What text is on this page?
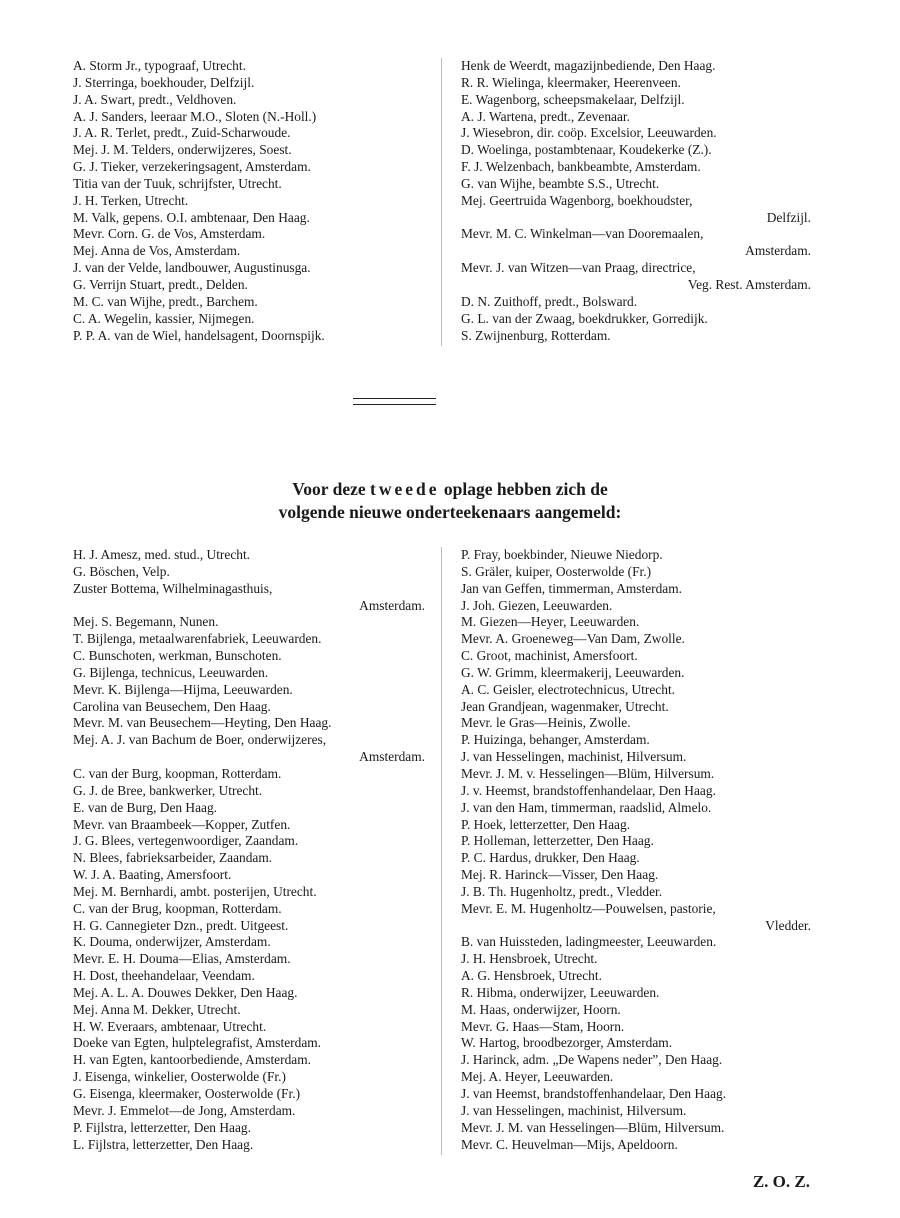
A. Storm Jr., typograaf, Utrecht.
J. Sterringa, boekhouder, Delfzijl.
J. A. Swart, predt., Veldhoven.
A. J. Sanders, leeraar M.O., Sloten (N.-Holl.)
J. A. R. Terlet, predt., Zuid-Scharwoude.
Mej. J. M. Telders, onderwijzeres, Soest.
G. J. Tieker, verzekeringsagent, Amsterdam.
Titia van der Tuuk, schrijfster, Utrecht.
J. H. Terken, Utrecht.
M. Valk, gepens. O.I. ambtenaar, Den Haag.
Mevr. Corn. G. de Vos, Amsterdam.
Mej. Anna de Vos, Amsterdam.
J. van der Velde, landbouwer, Augustinusga.
G. Verrijn Stuart, predt., Delden.
M. C. van Wijhe, predt., Barchem.
C. A. Wegelin, kassier, Nijmegen.
P. P. A. van de Wiel, handelsagent, Doornspijk.
Henk de Weerdt, magazijnbediende, Den Haag.
R. R. Wielinga, kleermaker, Heerenveen.
E. Wagenborg, scheepsmakelaar, Delfzijl.
A. J. Wartena, predt., Zevenaar.
J. Wiesebron, dir. coöp. Excelsior, Leeuwarden.
D. Woelinga, postambtenaar, Koudekerke (Z.).
F. J. Welzenbach, bankbeambte, Amsterdam.
G. van Wijhe, beambte S.S., Utrecht.
Mej. Geertruida Wagenborg, boekhoudster,
Delfzijl.
Mevr. M. C. Winkelman—van Dooremaalen,
Amsterdam.
Mevr. J. van Witzen—van Praag, directrice,
Veg. Rest. Amsterdam.
D. N. Zuithoff, predt., Bolsward.
G. L. van der Zwaag, boekdrukker, Gorredijk.
S. Zwijnenburg, Rotterdam.
Voor deze tweede oplage hebben zich de
volgende nieuwe onderteekenaars aangemeld:
H. J. Amesz, med. stud., Utrecht.
G. Böschen, Velp.
Zuster Bottema, Wilhelminagasthuis,
Amsterdam.
Mej. S. Begemann, Nunen.
T. Bijlenga, metaalwarenfabriek, Leeuwarden.
C. Bunschoten, werkman, Bunschoten.
G. Bijlenga, technicus, Leeuwarden.
Mevr. K. Bijlenga—Hijma, Leeuwarden.
Carolina van Beusechem, Den Haag.
Mevr. M. van Beusechem—Heyting, Den Haag.
Mej. A. J. van Bachum de Boer, onderwijzeres,
Amsterdam.
C. van der Burg, koopman, Rotterdam.
G. J. de Bree, bankwerker, Utrecht.
E. van de Burg, Den Haag.
Mevr. van Braambeek—Kopper, Zutfen.
J. G. Blees, vertegenwoordiger, Zaandam.
N. Blees, fabrieksarbeider, Zaandam.
W. J. A. Baating, Amersfoort.
Mej. M. Bernhardi, ambt. posterijen, Utrecht.
C. van der Brug, koopman, Rotterdam.
H. G. Cannegieter Dzn., predt. Uitgeest.
K. Douma, onderwijzer, Amsterdam.
Mevr. E. H. Douma—Elias, Amsterdam.
H. Dost, theehandelaar, Veendam.
Mej. A. L. A. Douwes Dekker, Den Haag.
Mej. Anna M. Dekker, Utrecht.
H. W. Everaars, ambtenaar, Utrecht.
Doeke van Egten, hulptelegrafist, Amsterdam.
H. van Egten, kantoorbediende, Amsterdam.
J. Eisenga, winkelier, Oosterwolde (Fr.)
G. Eisenga, kleermaker, Oosterwolde (Fr.)
Mevr. J. Emmelot—de Jong, Amsterdam.
P. Fijlstra, letterzetter, Den Haag.
L. Fijlstra, letterzetter, Den Haag.
P. Fray, boekbinder, Nieuwe Niedorp.
S. Gräler, kuiper, Oosterwolde (Fr.)
Jan van Geffen, timmerman, Amsterdam.
J. Joh. Giezen, Leeuwarden.
M. Giezen—Heyer, Leeuwarden.
Mevr. A. Groeneweg—Van Dam, Zwolle.
C. Groot, machinist, Amersfoort.
G. W. Grimm, kleermakerij, Leeuwarden.
A. C. Geisler, electrotechnicus, Utrecht.
Jean Grandjean, wagenmaker, Utrecht.
Mevr. le Gras—Heinis, Zwolle.
P. Huizinga, behanger, Amsterdam.
J. van Hesselingen, machinist, Hilversum.
Mevr. J. M. v. Hesselingen—Blüm, Hilversum.
J. v. Heemst, brandstoffenhandelaar, Den Haag.
J. van den Ham, timmerman, raadslid, Almelo.
P. Hoek, letterzetter, Den Haag.
P. Holleman, letterzetter, Den Haag.
P. C. Hardus, drukker, Den Haag.
Mej. R. Harinck—Visser, Den Haag.
J. B. Th. Hugenholtz, predt., Vledder.
Mevr. E. M. Hugenholtz—Pouwelsen, pastorie,
Vledder.
B. van Huissteden, ladingmeester, Leeuwarden.
J. H. Hensbroek, Utrecht.
A. G. Hensbroek, Utrecht.
R. Hibma, onderwijzer, Leeuwarden.
M. Haas, onderwijzer, Hoorn.
Mevr. G. Haas—Stam, Hoorn.
W. Hartog, broodbezorger, Amsterdam.
J. Harinck, adm. „De Wapens neder”, Den Haag.
Mej. A. Heyer, Leeuwarden.
J. van Heemst, brandstoffenhandelaar, Den Haag.
J. van Hesselingen, machinist, Hilversum.
Mevr. J. M. van Hesselingen—Blüm, Hilversum.
Mevr. C. Heuvelman—Mijs, Apeldoorn.
Z. O. Z.
